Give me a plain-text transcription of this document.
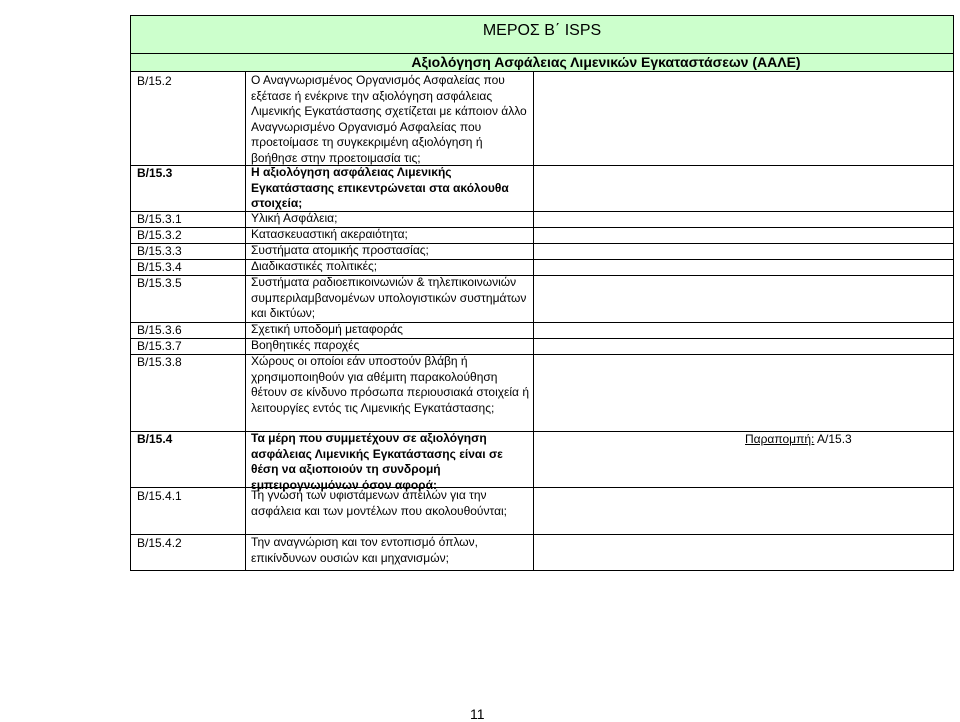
ΜΕΡΟΣ Β΄ ISPS
Αξιολόγηση Ασφάλειας Λιμενικών Εγκαταστάσεων (ΑΑΛΕ)
Β/15.2
Β/15.3
Β/15.3.1
Β/15.3.2
Β/15.3.3
Β/15.3.4
Β/15.3.5
Β/15.3.6
Β/15.3.7
Β/15.3.8
Β/15.4
Β/15.4.1
Β/15.4.2
Ο Αναγνωρισμένος Οργανισμός Ασφαλείας που εξέτασε ή ενέκρινε την αξιολόγηση ασφάλειας Λιμενικής Εγκατάστασης σχετίζεται με κάποιον άλλο Αναγνωρισμένο Οργανισμό Ασφαλείας που προετοίμασε τη συγκεκριμένη αξιολόγηση ή βοήθησε στην προετοιμασία τις;
Η αξιολόγηση ασφάλειας Λιμενικής Εγκατάστασης επικεντρώνεται στα ακόλουθα στοιχεία;
Υλική Ασφάλεια;
Κατασκευαστική ακεραιότητα;
Συστήματα ατομικής προστασίας;
Διαδικαστικές πολιτικές;
Συστήματα ραδιοεπικοινωνιών & τηλεπικοινωνιών συμπεριλαμβανομένων υπολογιστικών συστημάτων και δικτύων;
Σχετική υποδομή μεταφοράς
Βοηθητικές παροχές
Χώρους οι οποίοι εάν υποστούν βλάβη ή χρησιμοποιηθούν για αθέμιτη παρακολούθηση θέτουν σε κίνδυνο πρόσωπα περιουσιακά στοιχεία ή λειτουργίες εντός τις Λιμενικής Εγκατάστασης;
Τα μέρη που συμμετέχουν σε αξιολόγηση ασφάλειας Λιμενικής Εγκατάστασης είναι σε θέση να αξιοποιούν τη συνδρομή εμπειρογνωμόνων όσον αφορά:
Τη γνώση των υφιστάμενων απειλών για την ασφάλεια και των μοντέλων που ακολουθούνται;
Την αναγνώριση και τον εντοπισμό όπλων, επικίνδυνων ουσιών και μηχανισμών;
Παραπομπή: Α/15.3
11
